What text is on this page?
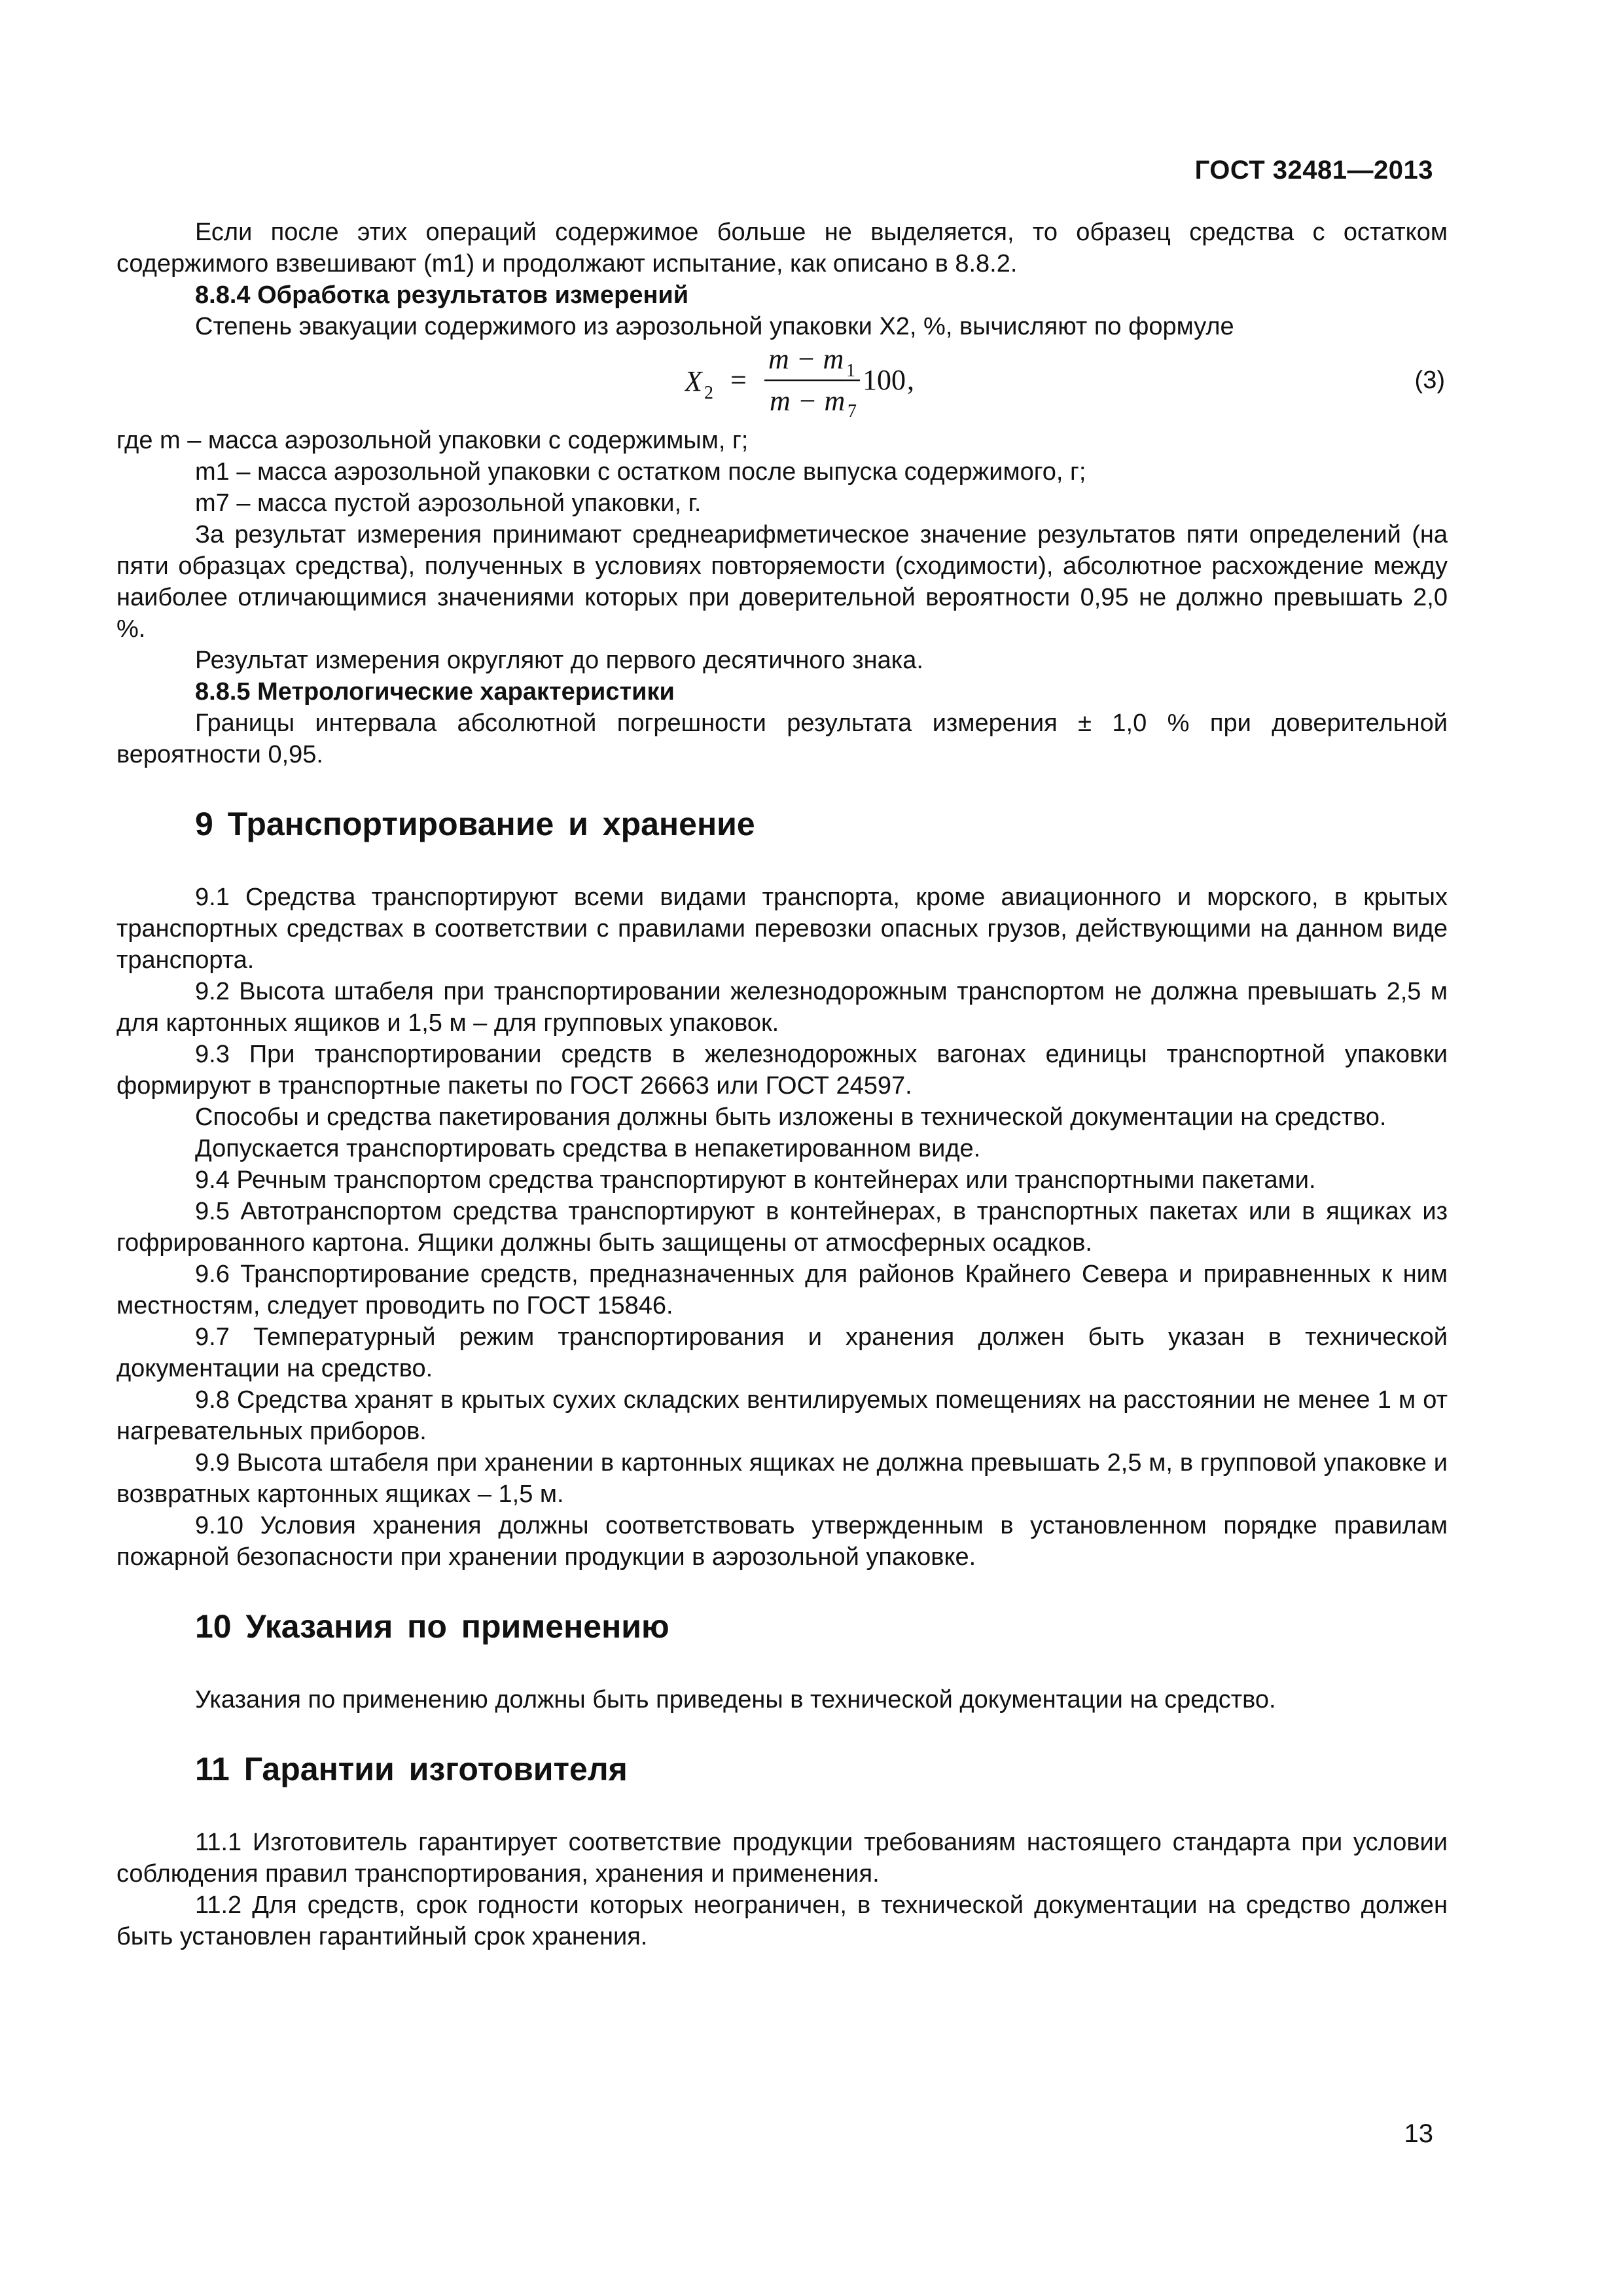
ГОСТ 32481—2013

Если после этих операций содержимое больше не выделяется, то образец средства с остатком содержимого взвешивают (m1) и продолжают испытание, как описано в 8.8.2.

8.8.4 Обработка результатов измерений

Степень эвакуации содержимого из аэрозольной упаковки X2, %, вычисляют по формуле

X 2 =
m − m 1
m − m 7
100 ,	(3)

где m – масса аэрозольной упаковки с содержимым, г;

m1 – масса аэрозольной упаковки с остатком после выпуска содержимого, г;

m7 – масса пустой аэрозольной упаковки, г.

За результат измерения принимают среднеарифметическое значение результатов пяти определений (на пяти образцах средства), полученных в условиях повторяемости (сходимости), абсолютное расхождение между наиболее отличающимися значениями которых при доверительной вероятности 0,95 не должно превышать 2,0 %.

Результат измерения округляют до первого десятичного знака.

8.8.5 Метрологические характеристики

Границы интервала абсолютной погрешности результата измерения ± 1,0 % при доверительной вероятности 0,95.

9 Транспортирование и хранение

9.1 Средства транспортируют всеми видами транспорта, кроме авиационного и морского, в крытых транспортных средствах в соответствии с правилами перевозки опасных грузов, действующими на данном виде транспорта.

9.2 Высота штабеля при транспортировании железнодорожным транспортом не должна превышать 2,5 м для картонных ящиков и 1,5 м – для групповых упаковок.

9.3 При транспортировании средств в железнодорожных вагонах единицы транспортной упаковки формируют в транспортные пакеты по ГОСТ 26663 или ГОСТ 24597.

Способы и средства пакетирования должны быть изложены в технической документации на средство.

Допускается транспортировать средства в непакетированном виде.

9.4 Речным транспортом средства транспортируют в контейнерах или транспортными пакетами.

9.5 Автотранспортом средства транспортируют в контейнерах, в транспортных пакетах или в ящиках из гофрированного картона. Ящики должны быть защищены от атмосферных осадков.

9.6 Транспортирование средств, предназначенных для районов Крайнего Севера и приравненных к ним местностям, следует проводить по ГОСТ 15846.

9.7 Температурный режим транспортирования и хранения должен быть указан в технической документации на средство.

9.8 Средства хранят в крытых сухих складских вентилируемых помещениях на расстоянии не менее 1 м от нагревательных приборов.

9.9 Высота штабеля при хранении в картонных ящиках не должна превышать 2,5 м, в групповой упаковке и возвратных картонных ящиках – 1,5 м.

9.10 Условия хранения должны соответствовать утвержденным в установленном порядке правилам пожарной безопасности при хранении продукции в аэрозольной упаковке.

10 Указания по применению

Указания по применению должны быть приведены в технической документации на средство.

11 Гарантии изготовителя

11.1 Изготовитель гарантирует соответствие продукции требованиям настоящего стандарта при условии соблюдения правил транспортирования, хранения и применения.

11.2 Для средств, срок годности которых неограничен, в технической документации на средство должен быть установлен гарантийный срок хранения.

13
